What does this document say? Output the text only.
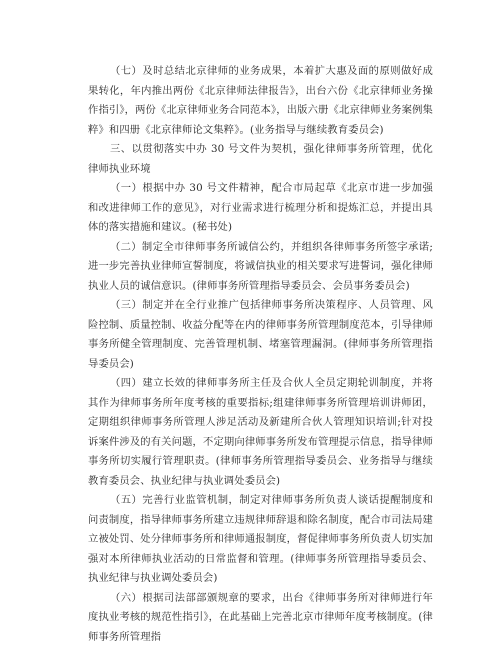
（七）及时总结北京律师的业务成果，本着扩大惠及面的原则做好成果转化，年内推出两份《北京律师法律报告》，出台六份《北京律师业务操作指引》，两份《北京律师业务合同范本》，出版六册《北京律师业务案例集粹》和四册《北京律师论文集粹》。(业务指导与继续教育委员会)

三、以贯彻落实中办 30 号文件为契机，强化律师事务所管理，优化律师执业环境

（一）根据中办 30 号文件精神，配合市局起草《北京市进一步加强和改进律师工作的意见》，对行业需求进行梳理分析和提炼汇总，并提出具体的落实措施和建议。(秘书处)

（二）制定全市律师事务所诚信公约，并组织各律师事务所签字承诺;进一步完善执业律师宣誓制度，将诚信执业的相关要求写进誓词，强化律师执业人员的诚信意识。(律师事务所管理指导委员会、会员事务委员会)

（三）制定并在全行业推广包括律师事务所决策程序、人员管理、风险控制、质量控制、收益分配等在内的律师事务所管理制度范本，引导律师事务所健全管理制度、完善管理机制、堵塞管理漏洞。(律师事务所管理指导委员会)

（四）建立长效的律师事务所主任及合伙人全员定期轮训制度，并将其作为律师事务所年度考核的重要指标;组建律师事务所管理培训讲师团，定期组织律师事务所管理人涉足活动及新建所合伙人管理知识培训;针对投诉案件涉及的有关问题，不定期向律师事务所发布管理提示信息，指导律师事务所切实履行管理职责。(律师事务所管理指导委员会、业务指导与继续教育委员会、执业纪律与执业调处委员会)

（五）完善行业监管机制，制定对律师事务所负责人谈话提醒制度和问责制度，指导律师事务所建立违规律师辞退和除名制度，配合市司法局建立被处罚、处分律师事务所和律师通报制度，督促律师事务所负责人切实加强对本所律师执业活动的日常监督和管理。(律师事务所管理指导委员会、执业纪律与执业调处委员会)

（六）根据司法部部颁规章的要求，出台《律师事务所对律师进行年度执业考核的规范性指引》，在此基础上完善北京市律师年度考核制度。(律师事务所管理指
